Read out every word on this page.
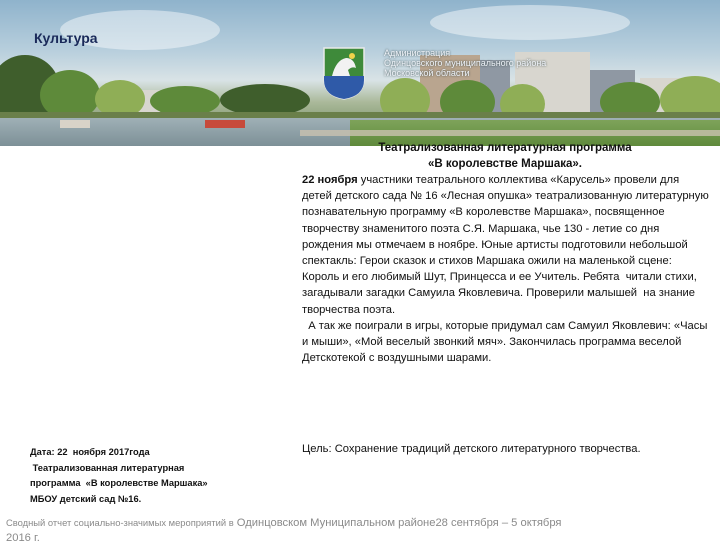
Администрация
Одинцовского муниципального района
Московской области
Культура
Театрализованная литературная программа
«В королевстве Маршака».
22 ноября участники театрального коллектива «Карусель» провели для детей детского сада № 16 «Лесная опушка» театрализованную литературную познавательную программу «В королевстве Маршака», посвященное творчеству знаменитого поэта С.Я. Маршака, чье 130 - летие со дня рождения мы отмечаем в ноябре. Юные артисты подготовили небольшой спектакль: Герои сказок и стихов Маршака ожили на маленькой сцене:  Король и его любимый Шут, Принцесса и ее Учитель. Ребята  читали стихи, загадывали загадки Самуила Яковлевича. Проверили малышей  на знание творчества поэта.
А так же поиграли в игры, которые придумал сам Самуил Яковлевич: «Часы и мыши», «Мой веселый звонкий мяч». Закончилась программа веселой Детскотекой с воздушными шарами.
Цель: Сохранение традиций детского литературного творчества.
Дата: 22  ноября 2017года
Театрализованная литературная
программа  «В королевстве Маршака»
МБОУ детский сад №16.
Сводный отчет социально-значимых мероприятий в Одинцовском Муниципальном районе28 сентября – 5 октября
2016 г.
